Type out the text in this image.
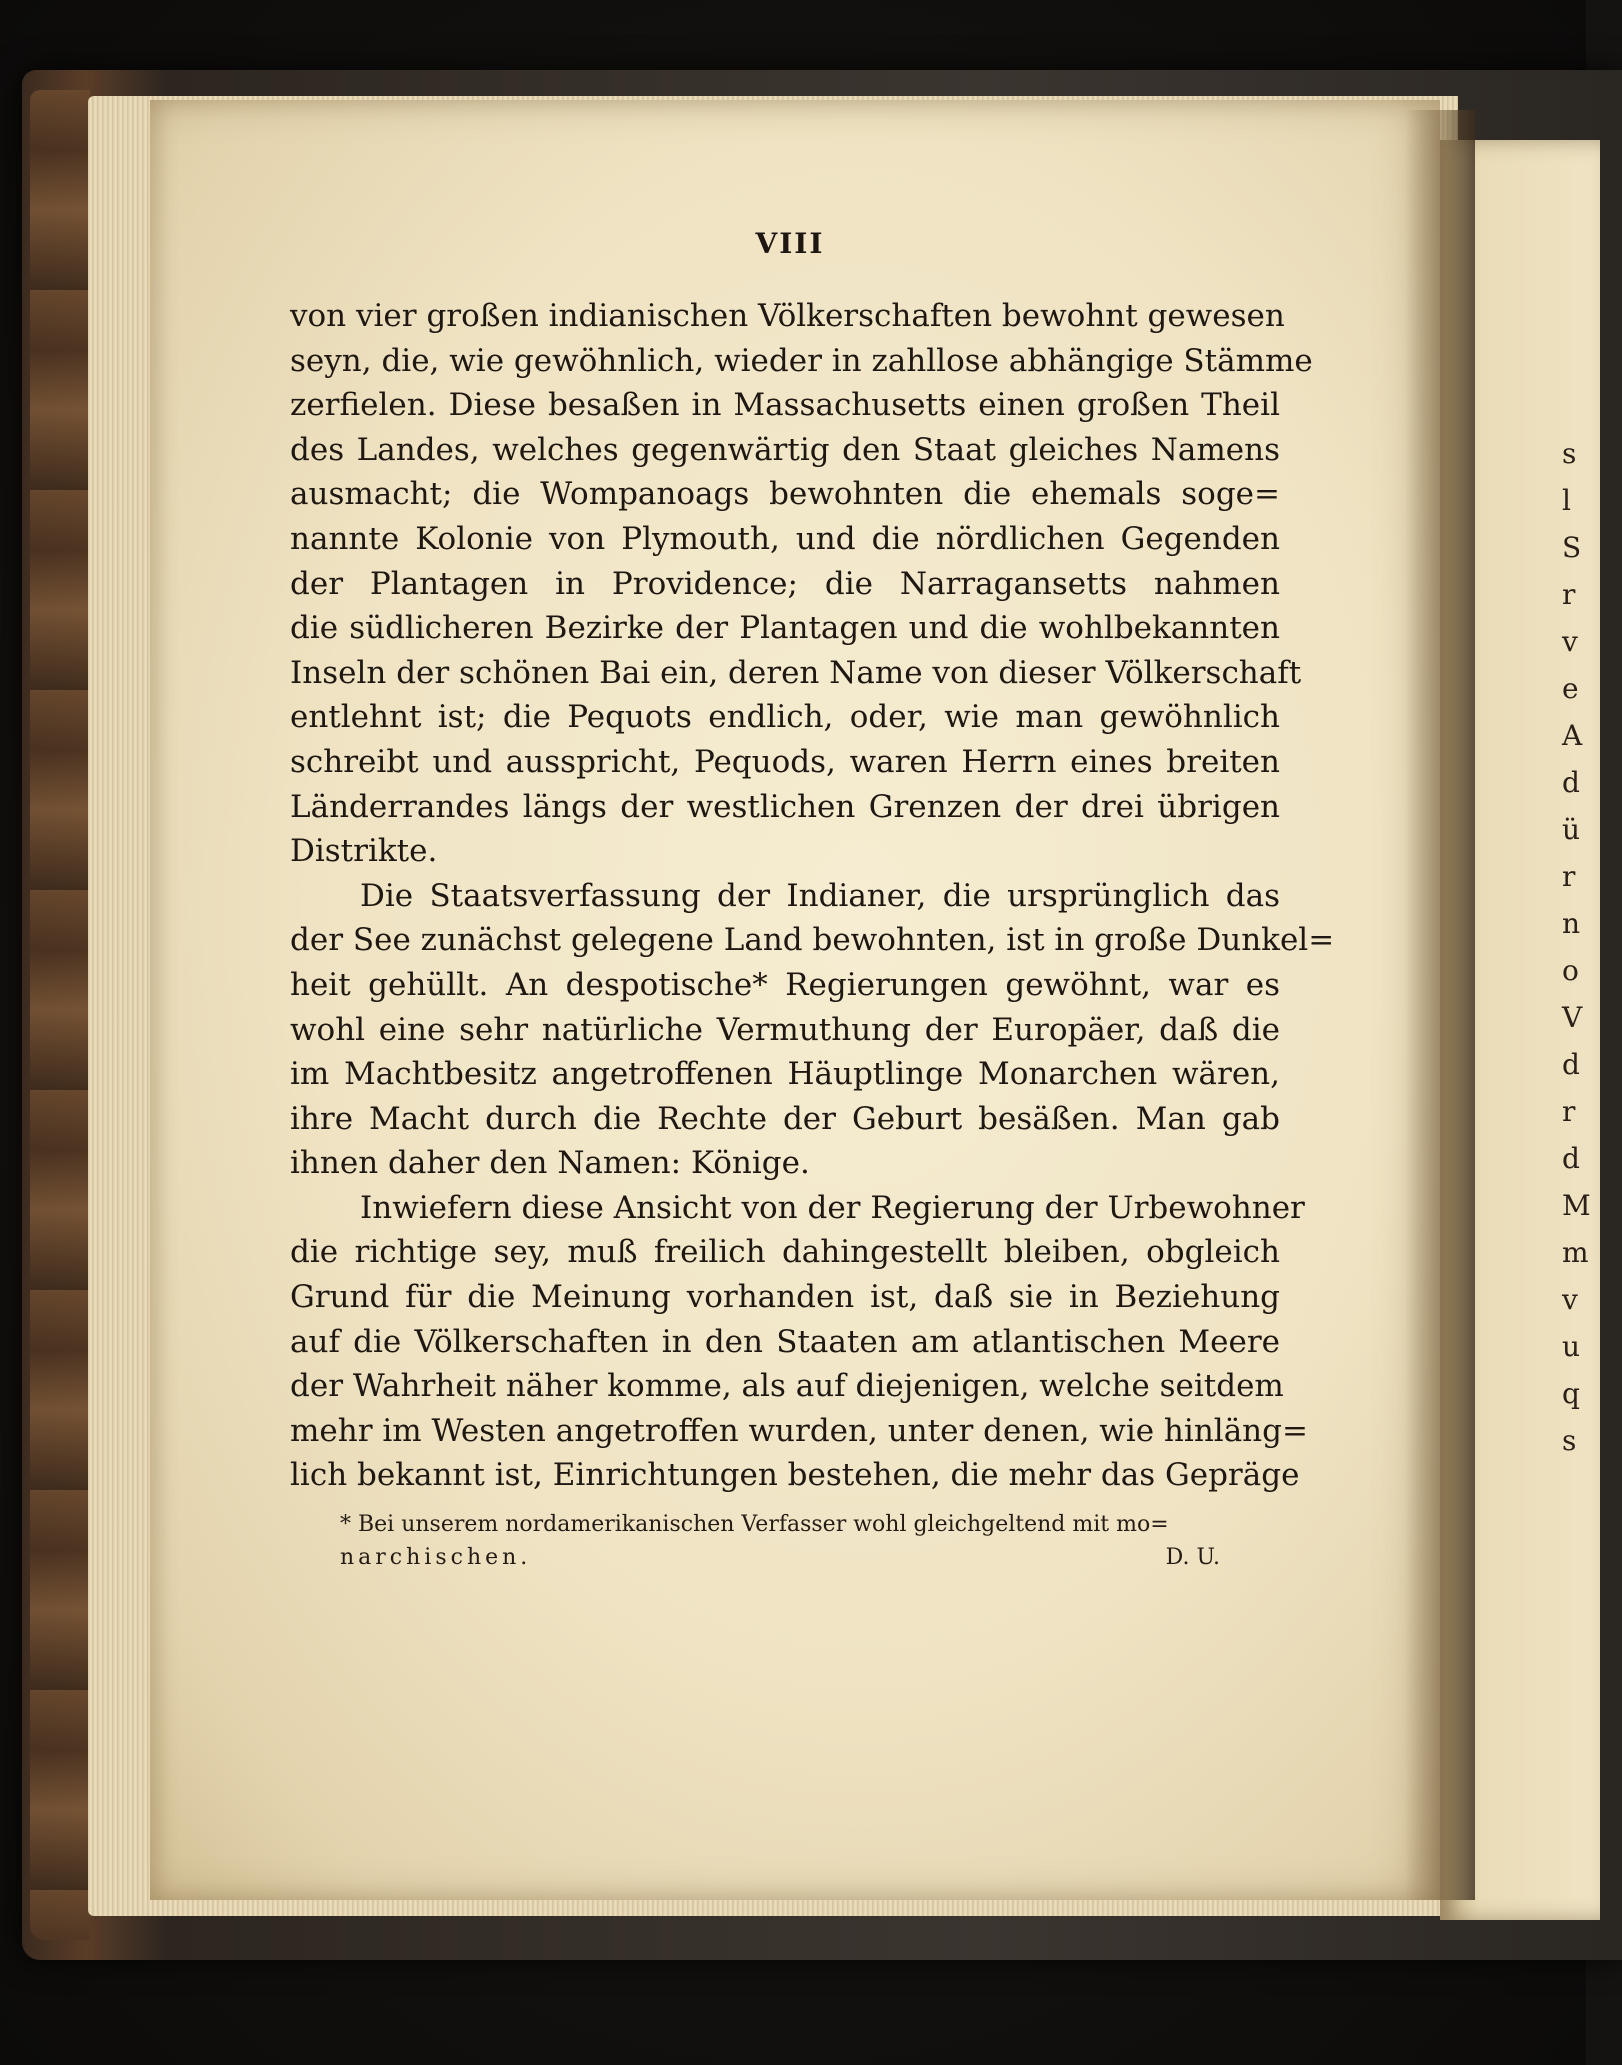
s
l
S
r
v
e
A
d
ü
r
n
o
V
d
r
d
M
m
v
u
q
s
VIII
von vier großen indianischen Völkerschaften bewohnt gewesen
seyn, die, wie gewöhnlich, wieder in zahllose abhängige Stämme
zerfielen. Diese besaßen in Massachusetts einen großen Theil
des Landes, welches gegenwärtig den Staat gleiches Namens
ausmacht; die Wompanoags bewohnten die ehemals soge=
nannte Kolonie von Plymouth, und die nördlichen Gegenden
der Plantagen in Providence; die Narragansetts nahmen
die südlicheren Bezirke der Plantagen und die wohlbekannten
Inseln der schönen Bai ein, deren Name von dieser Völkerschaft
entlehnt ist; die Pequots endlich, oder, wie man gewöhnlich
schreibt und ausspricht, Pequods, waren Herrn eines breiten
Länderrandes längs der westlichen Grenzen der drei übrigen
Distrikte.
Die Staatsverfassung der Indianer, die ursprünglich das
der See zunächst gelegene Land bewohnten, ist in große Dunkel=
heit gehüllt. An despotische* Regierungen gewöhnt, war es
wohl eine sehr natürliche Vermuthung der Europäer, daß die
im Machtbesitz angetroffenen Häuptlinge Monarchen wären,
ihre Macht durch die Rechte der Geburt besäßen. Man gab
ihnen daher den Namen: Könige.
Inwiefern diese Ansicht von der Regierung der Urbewohner
die richtige sey, muß freilich dahingestellt bleiben, obgleich
Grund für die Meinung vorhanden ist, daß sie in Beziehung
auf die Völkerschaften in den Staaten am atlantischen Meere
der Wahrheit näher komme, als auf diejenigen, welche seitdem
mehr im Westen angetroffen wurden, unter denen, wie hinläng=
lich bekannt ist, Einrichtungen bestehen, die mehr das Gepräge
* Bei unserem nordamerikanischen Verfasser wohl gleichgeltend mit mo=
narchischen.	D. U.
